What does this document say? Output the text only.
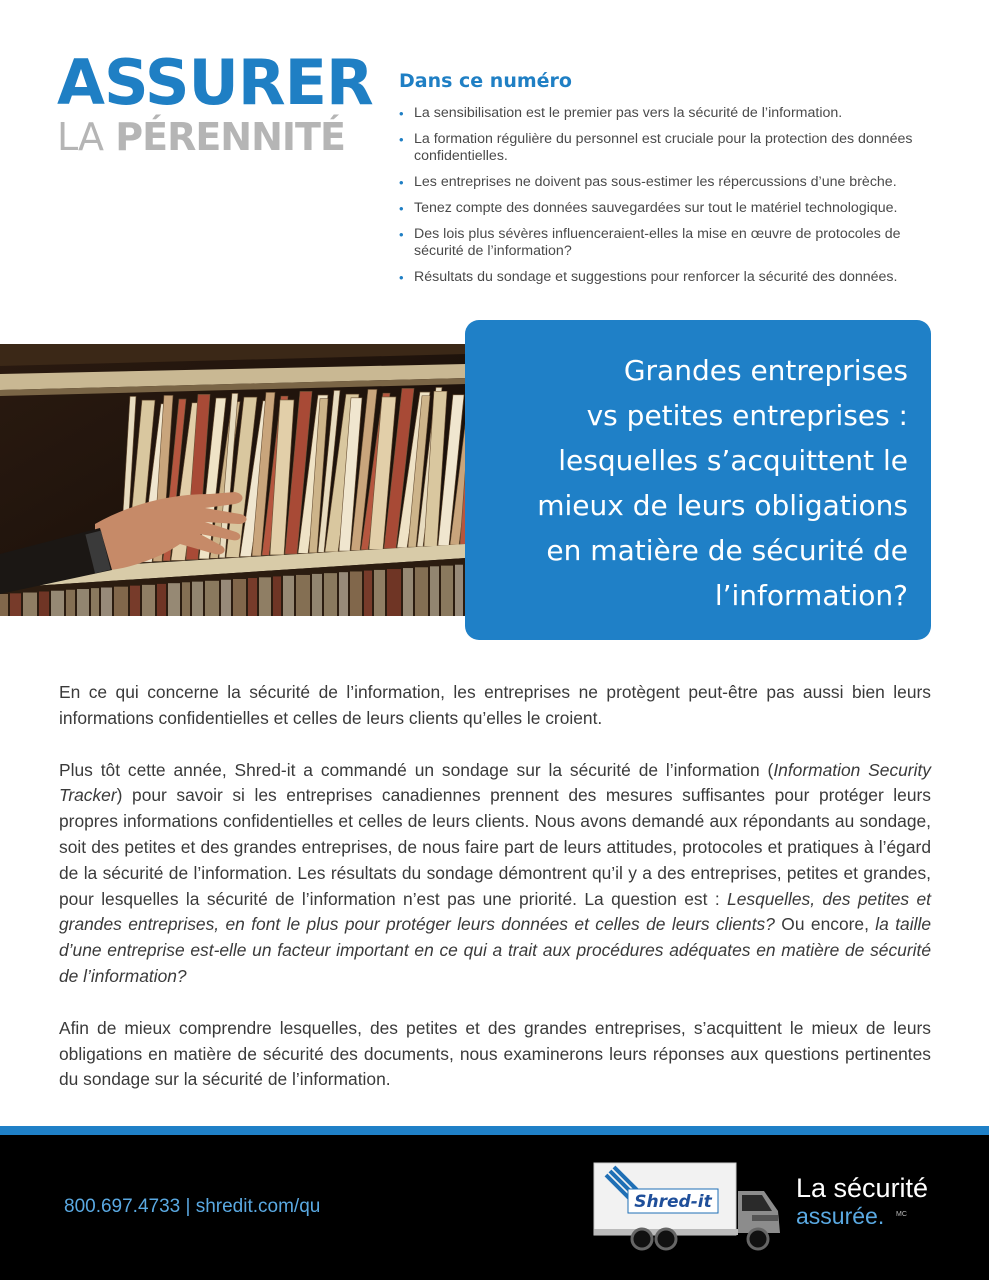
ASSURER
LA PÉRENNITÉ
Dans ce numéro
• La sensibilisation est le premier pas vers la sécurité de l’information.
• La formation régulière du personnel est cruciale pour la protection des données confidentielles.
• Les entreprises ne doivent pas sous-estimer les répercussions d’une brèche.
• Tenez compte des données sauvegardées sur tout le matériel technologique.
• Des lois plus sévères influenceraient-elles la mise en œuvre de protocoles de sécurité de l’information?
• Résultats du sondage et suggestions pour renforcer la sécurité des données.
Grandes entreprises
vs petites entreprises :
lesquelles s’acquittent le
mieux de leurs obligations
en matière de sécurité de
l’information?

En ce qui concerne la sécurité de l’information, les entreprises ne protègent peut-être pas aussi bien leurs informations confidentielles et celles de leurs clients qu’elles le croient.

Plus tôt cette année, Shred-it a commandé un sondage sur la sécurité de l’information (Information Security Tracker) pour savoir si les entreprises canadiennes prennent des mesures suffisantes pour protéger leurs propres informations confidentielles et celles de leurs clients. Nous avons demandé aux répondants au sondage, soit des petites et des grandes entreprises, de nous faire part de leurs attitudes, protocoles et pratiques à l’égard de la sécurité de l’information. Les résultats du sondage démontrent qu’il y a des entreprises, petites et grandes, pour lesquelles la sécurité de l’information n’est pas une priorité. La question est : Lesquelles, des petites et grandes entreprises, en font le plus pour protéger leurs données et celles de leurs clients? Ou encore, la taille d’une entreprise est-elle un facteur important en ce qui a trait aux procédures adéquates en matière de sécurité de l’information?

Afin de mieux comprendre lesquelles, des petites et des grandes entreprises, s’acquittent le mieux de leurs obligations en matière de sécurité des documents, nous examinerons leurs réponses aux questions pertinentes du sondage sur la sécurité de l’information.

800.697.4733 | shredit.com/qu	Shred-it	La sécurité
assurée. MC
